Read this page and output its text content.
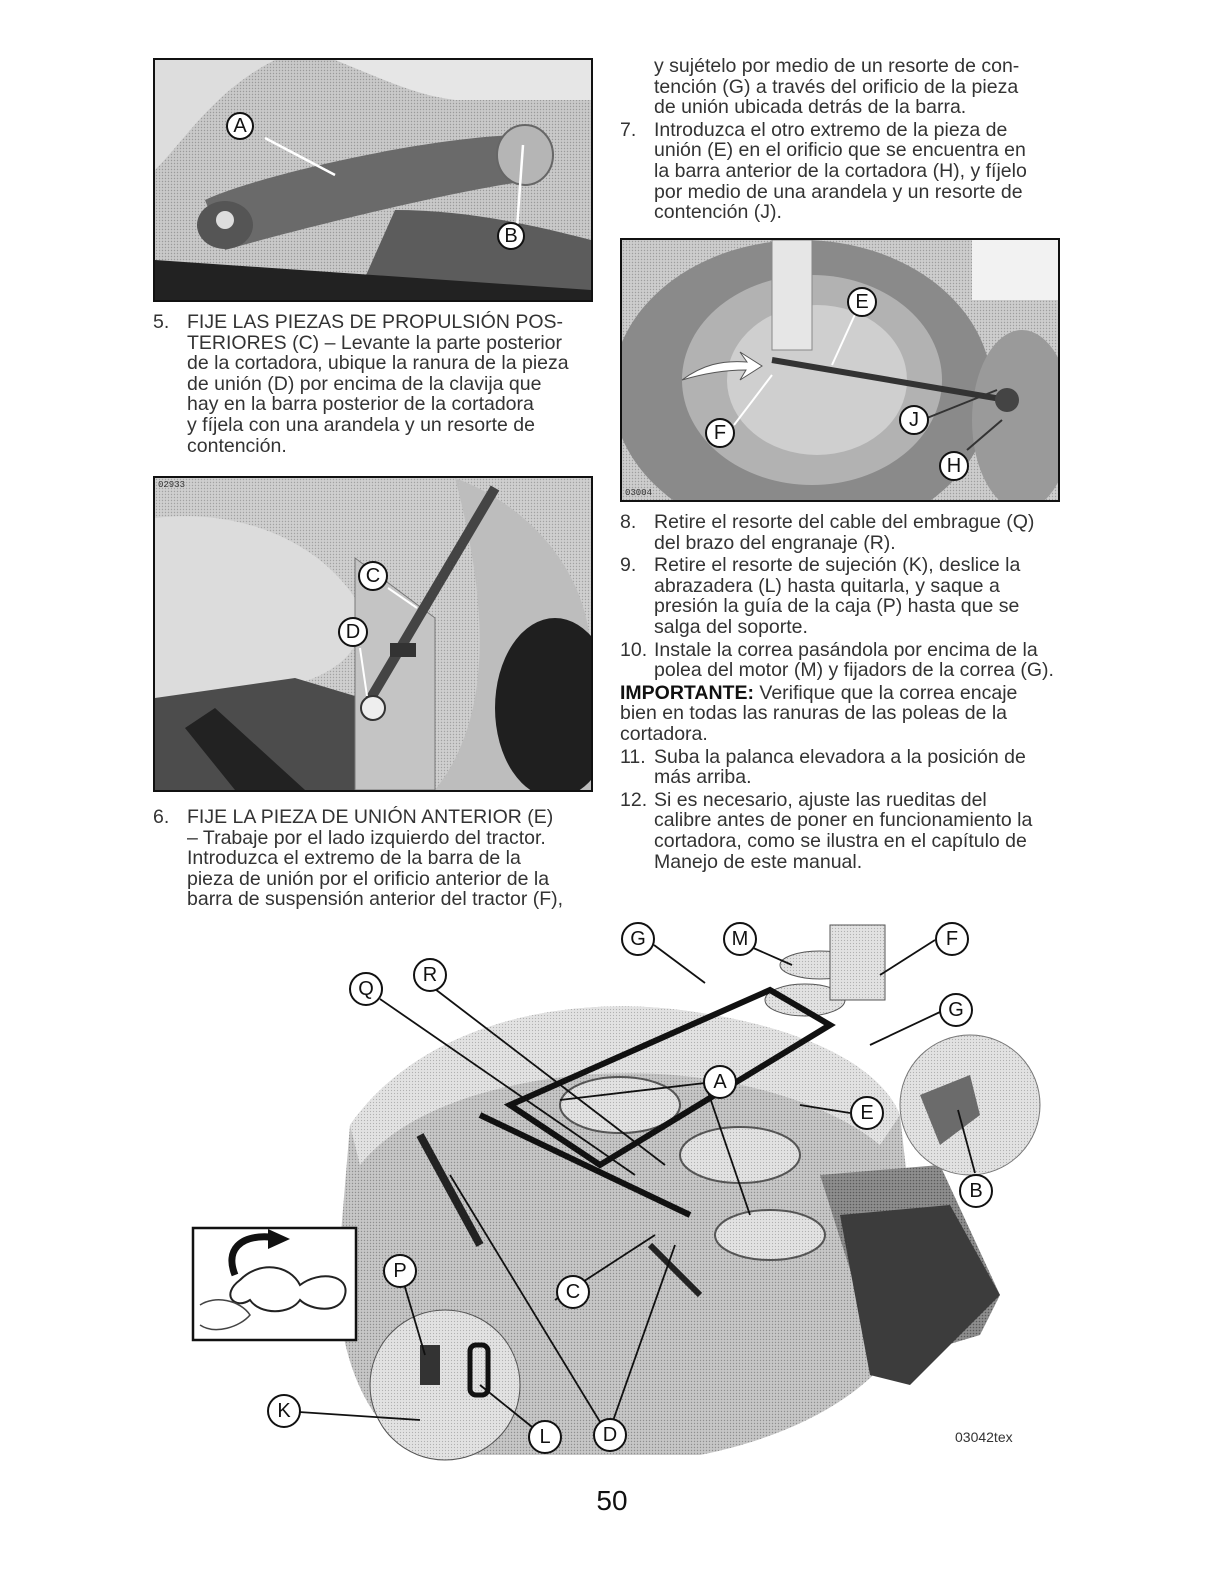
A
B
5. FIJE LAS PIEZAS DE PROPULSIÓN POS-
TERIORES (C) – Levante la parte posterior
de la cortadora, ubique la ranura de la pieza
de unión (D) por encima de la clavija que
hay en la barra posterior de la cortadora
y fíjela con una arandela y un resorte de
contención.
C
D
02933
6. FIJE LA PIEZA DE UNIÓN ANTERIOR (E)
– Trabaje por el lado izquierdo del tractor.
Introduzca el extremo de la barra de la
pieza de unión por el orificio anterior de la
barra de suspensión anterior del tractor (F),
y sujételo por medio de un resorte de con-
tención (G) a través del orificio de la pieza
de unión ubicada detrás de la barra.
7. Introduzca el otro extremo de la pieza de
unión (E) en el orificio que se encuentra en
la barra anterior de la cortadora (H), y fíjelo
por medio de una arandela y un resorte de
contención (J).
E
F
J
H
03004
8. Retire el resorte del cable del embrague (Q)
del brazo del engranaje (R).
9. Retire el resorte de sujeción (K), deslice la
abrazadera (L) hasta quitarla, y saque a
presión la guía de la caja (P) hasta que se
salga del soporte.
10. Instale la correa pasándola por encima de la
polea del motor (M) y fijadors de la correa (G).
IMPORTANTE: Verifique que la correa encaje
bien en todas las ranuras de las poleas de la
cortadora.
11. Suba la palanca elevadora a la posición de
más arriba.
12. Si es necesario, ajuste las rueditas del
calibre antes de poner en funcionamiento la
cortadora, como se ilustra en el capítulo de
Manejo de este manual.
G	M	F
Q
R
G
A
E
B
P
C
K
L	D	03042tex
50
